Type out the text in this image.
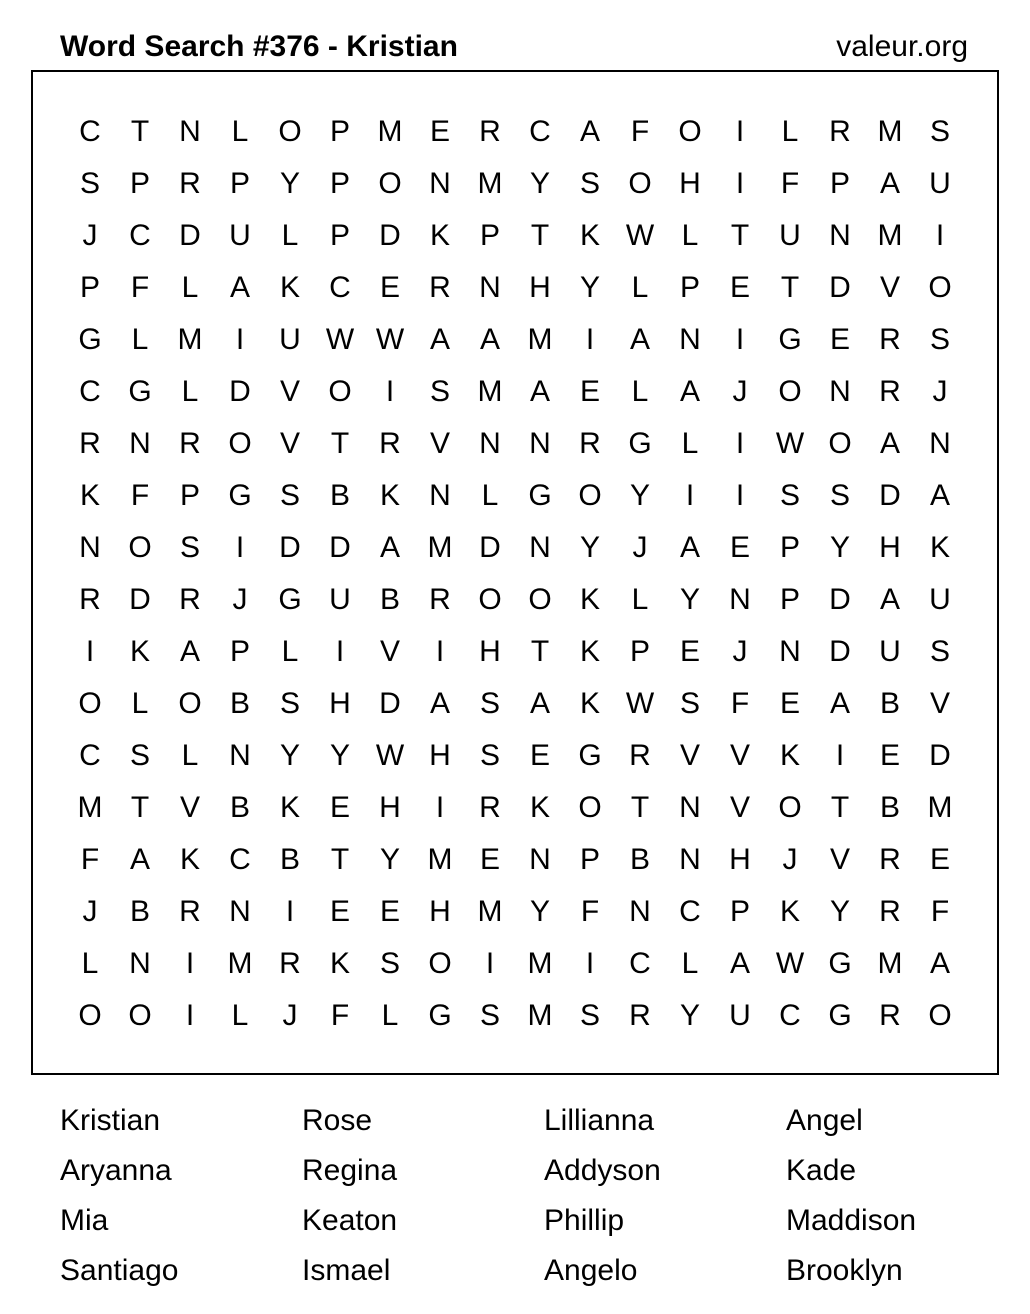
Word Search #376 - Kristian	valeur.org
C	T	N	L O P M E R C A	F O	I	L	R M S
S P R P Y P O N M Y S O H	I	F	P A U
J	C D U	L	P D K P	T	K W L	T	U N M	I
P	F	L	A K C E R N H Y	L	P E	T	D V O
G L M	I	U W W A A M	I	A N	I	G E R S
C G L	D V O	I	S M A E	L	A	J	O N R	J
R N R O V	T	R V N N R G L	I	W O A N
K	F	P G S B K N	L G O Y	I	I	S S D A
N O S	I	D D A M D N Y	J	A E P Y H K
R D R	J	G U B R O O K	L	Y N P D A U
I	K A P	L	I	V	I	H	T	K P E	J	N D U S
O L O B S H D A S A K W S	F	E A B V
C S	L	N Y Y W H S E G R V V K	I	E D
M T	V B K E H	I	R K O T	N V O T	B M
F	A K C B	T	Y M E N P B N H	J	V R E
J	B R N	I	E E H M Y	F	N C P K Y R	F
L	N	I	M R K S O	I	M	I	C	L	A W G M A
O O	I	L	J	F	L G S M S R Y U C G R O
Kristian	Rose	Lillianna	Angel
Aryanna	Regina	Addyson	Kade
Mia	Keaton	Phillip	Maddison
Santiago	Ismael	Angelo	Brooklyn
